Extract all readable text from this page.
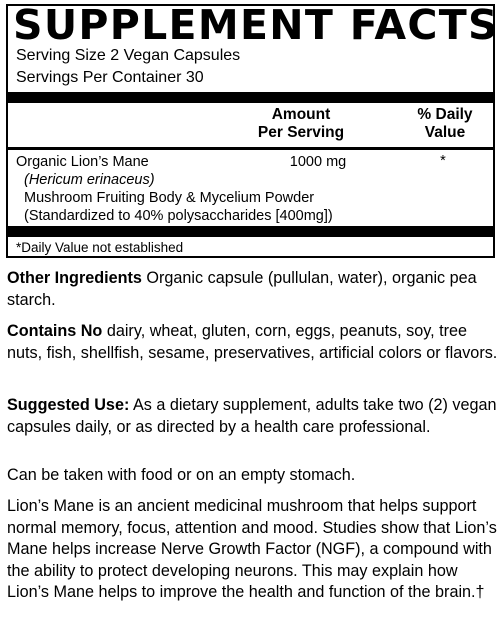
SUPPLEMENT FACTS
Serving Size 2 Vegan Capsules
Servings Per Container 30
Amount
Per Serving
% Daily
Value
Organic Lion’s Mane
(Hericum erinaceus)
Mushroom Fruiting Body & Mycelium Powder
(Standardized to 40% polysaccharides [400mg])
1000 mg	*
*Daily Value not established
Other Ingredients Organic capsule (pullulan, water), organic pea starch.
Contains No dairy, wheat, gluten, corn, eggs, peanuts, soy, tree nuts, fish, shellfish, sesame, preservatives, artificial colors or flavors.
Suggested Use: As a dietary supplement, adults take two (2) vegan capsules daily, or as directed by a health care professional.
Can be taken with food or on an empty stomach.
Lion’s Mane is an ancient medicinal mushroom that helps support normal memory, focus, attention and mood. Studies show that Lion’s Mane helps increase Nerve Growth Factor (NGF), a compound with the ability to protect developing neurons. This may explain how Lion’s Mane helps to improve the health and function of the brain.†
